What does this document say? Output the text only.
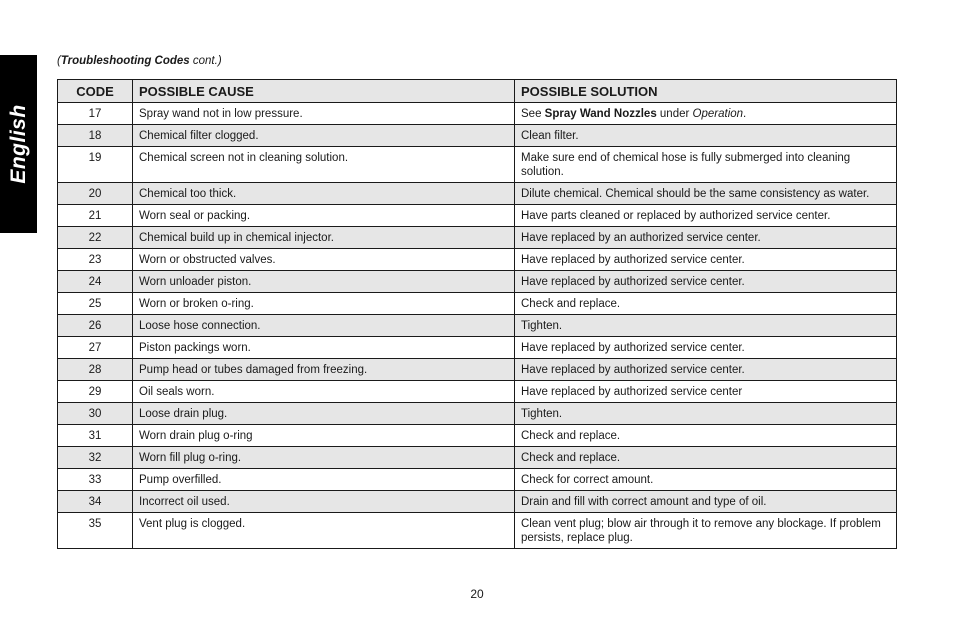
English
(Troubleshooting Codes cont.)
CODE	POSSIBLE CAUSE	POSSIBLE SOLUTION
17	Spray wand not in low pressure.	See Spray Wand Nozzles under Operation.
18	Chemical filter clogged.	Clean filter.
19	Chemical screen not in cleaning solution.	Make sure end of chemical hose is fully submerged into cleaning solution.
20	Chemical too thick.	Dilute chemical. Chemical should be the same consistency as water.
21	Worn seal or packing.	Have parts cleaned or replaced by authorized service center.
22	Chemical build up in chemical injector.	Have replaced by an authorized service center.
23	Worn or obstructed valves.	Have replaced by authorized service center.
24	Worn unloader piston.	Have replaced by authorized service center.
25	Worn or broken o-ring.	Check and replace.
26	Loose hose connection.	Tighten.
27	Piston packings worn.	Have replaced by authorized service center.
28	Pump head or tubes damaged from freezing.	Have replaced by authorized service center.
29	Oil seals worn.	Have replaced by authorized service center
30	Loose drain plug.	Tighten.
31	Worn drain plug o-ring	Check and replace.
32	Worn fill plug o-ring.	Check and replace.
33	Pump overfilled.	Check for correct amount.
34	Incorrect oil used.	Drain and fill with correct amount and type of oil.
35	Vent plug is clogged.	Clean vent plug; blow air through it to remove any blockage. If problem persists, replace plug.
20
